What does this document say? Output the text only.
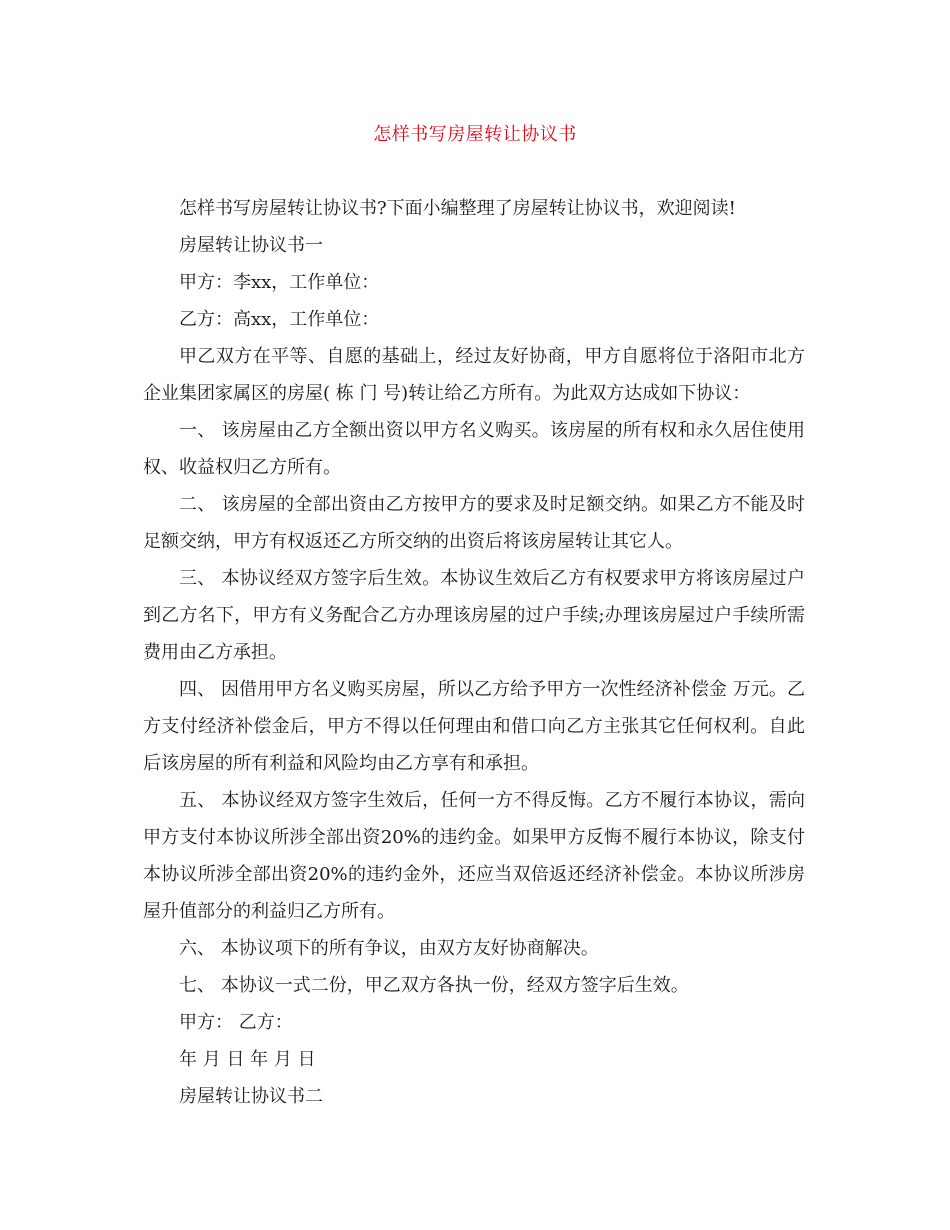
怎样书写房屋转让协议书

怎样书写房屋转让协议书?下面小编整理了房屋转让协议书，欢迎阅读!

房屋转让协议书一

甲方：李xx，工作单位：

乙方：高xx，工作单位：

甲乙双方在平等、自愿的基础上，经过友好协商，甲方自愿将位于洛阳市北方企业集团家属区的房屋( 栋 门 号)转让给乙方所有。为此双方达成如下协议：

一、 该房屋由乙方全额出资以甲方名义购买。该房屋的所有权和永久居住使用权、收益权归乙方所有。

二、 该房屋的全部出资由乙方按甲方的要求及时足额交纳。如果乙方不能及时足额交纳，甲方有权返还乙方所交纳的出资后将该房屋转让其它人。

三、 本协议经双方签字后生效。本协议生效后乙方有权要求甲方将该房屋过户到乙方名下，甲方有义务配合乙方办理该房屋的过户手续;办理该房屋过户手续所需费用由乙方承担。

四、 因借用甲方名义购买房屋，所以乙方给予甲方一次性经济补偿金 万元。乙方支付经济补偿金后，甲方不得以任何理由和借口向乙方主张其它任何权利。自此后该房屋的所有利益和风险均由乙方享有和承担。

五、 本协议经双方签字生效后，任何一方不得反悔。乙方不履行本协议，需向甲方支付本协议所涉全部出资20%的违约金。如果甲方反悔不履行本协议，除支付本协议所涉全部出资20%的违约金外，还应当双倍返还经济补偿金。本协议所涉房屋升值部分的利益归乙方所有。

六、 本协议项下的所有争议，由双方友好协商解决。

七、 本协议一式二份，甲乙双方各执一份，经双方签字后生效。

甲方： 乙方：

年 月 日 年 月 日

房屋转让协议书二
